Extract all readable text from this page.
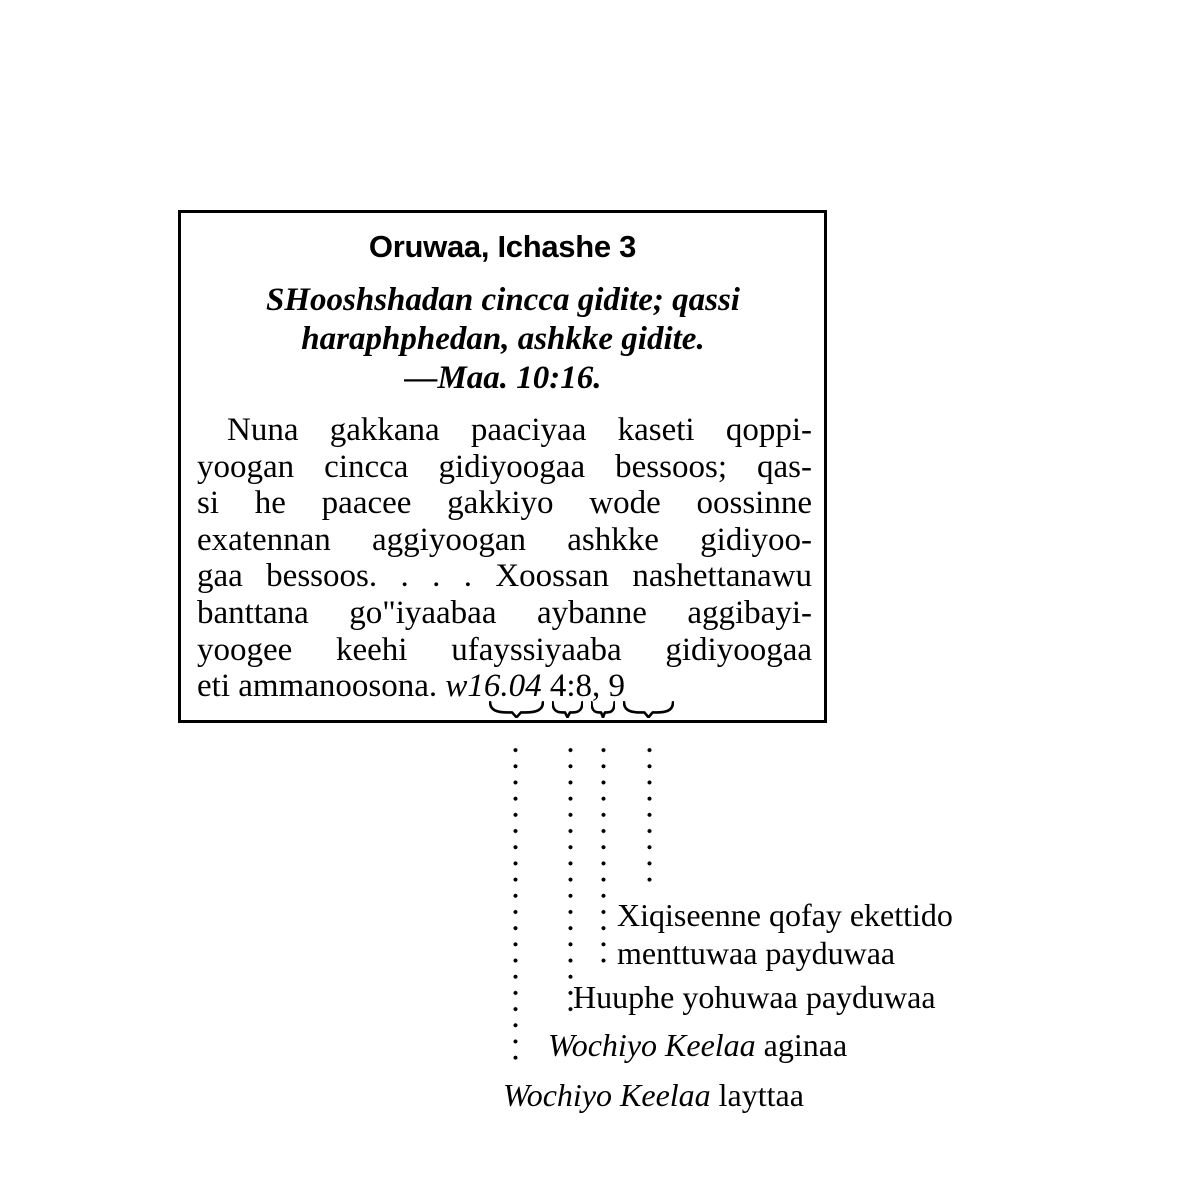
Oruwaa, Ichashe 3
SHooshshadan cincca gidite; qassi
haraphphedan, ashkke gidite.
—Maa. 10:16.
Nuna gakkana paaciyaa kaseti qoppi-
yoogan cincca gidiyoogaa bessoos; qas-
si he paacee gakkiyo wode oossinne
exatennan aggiyoogan ashkke gidiyoo-
gaa bessoos. . . . Xoossan nashettanawu
banttana go"iyaabaa aybanne aggibayi-
yoogee keehi ufayssiyaaba gidiyoogaa
eti ammanoosona. w16.04 4:8, 9
Xiqiseenne qofay ekettido
menttuwaa payduwaa
Huuphe yohuwaa payduwaa
Wochiyo Keelaa aginaa
Wochiyo Keelaa layttaa
